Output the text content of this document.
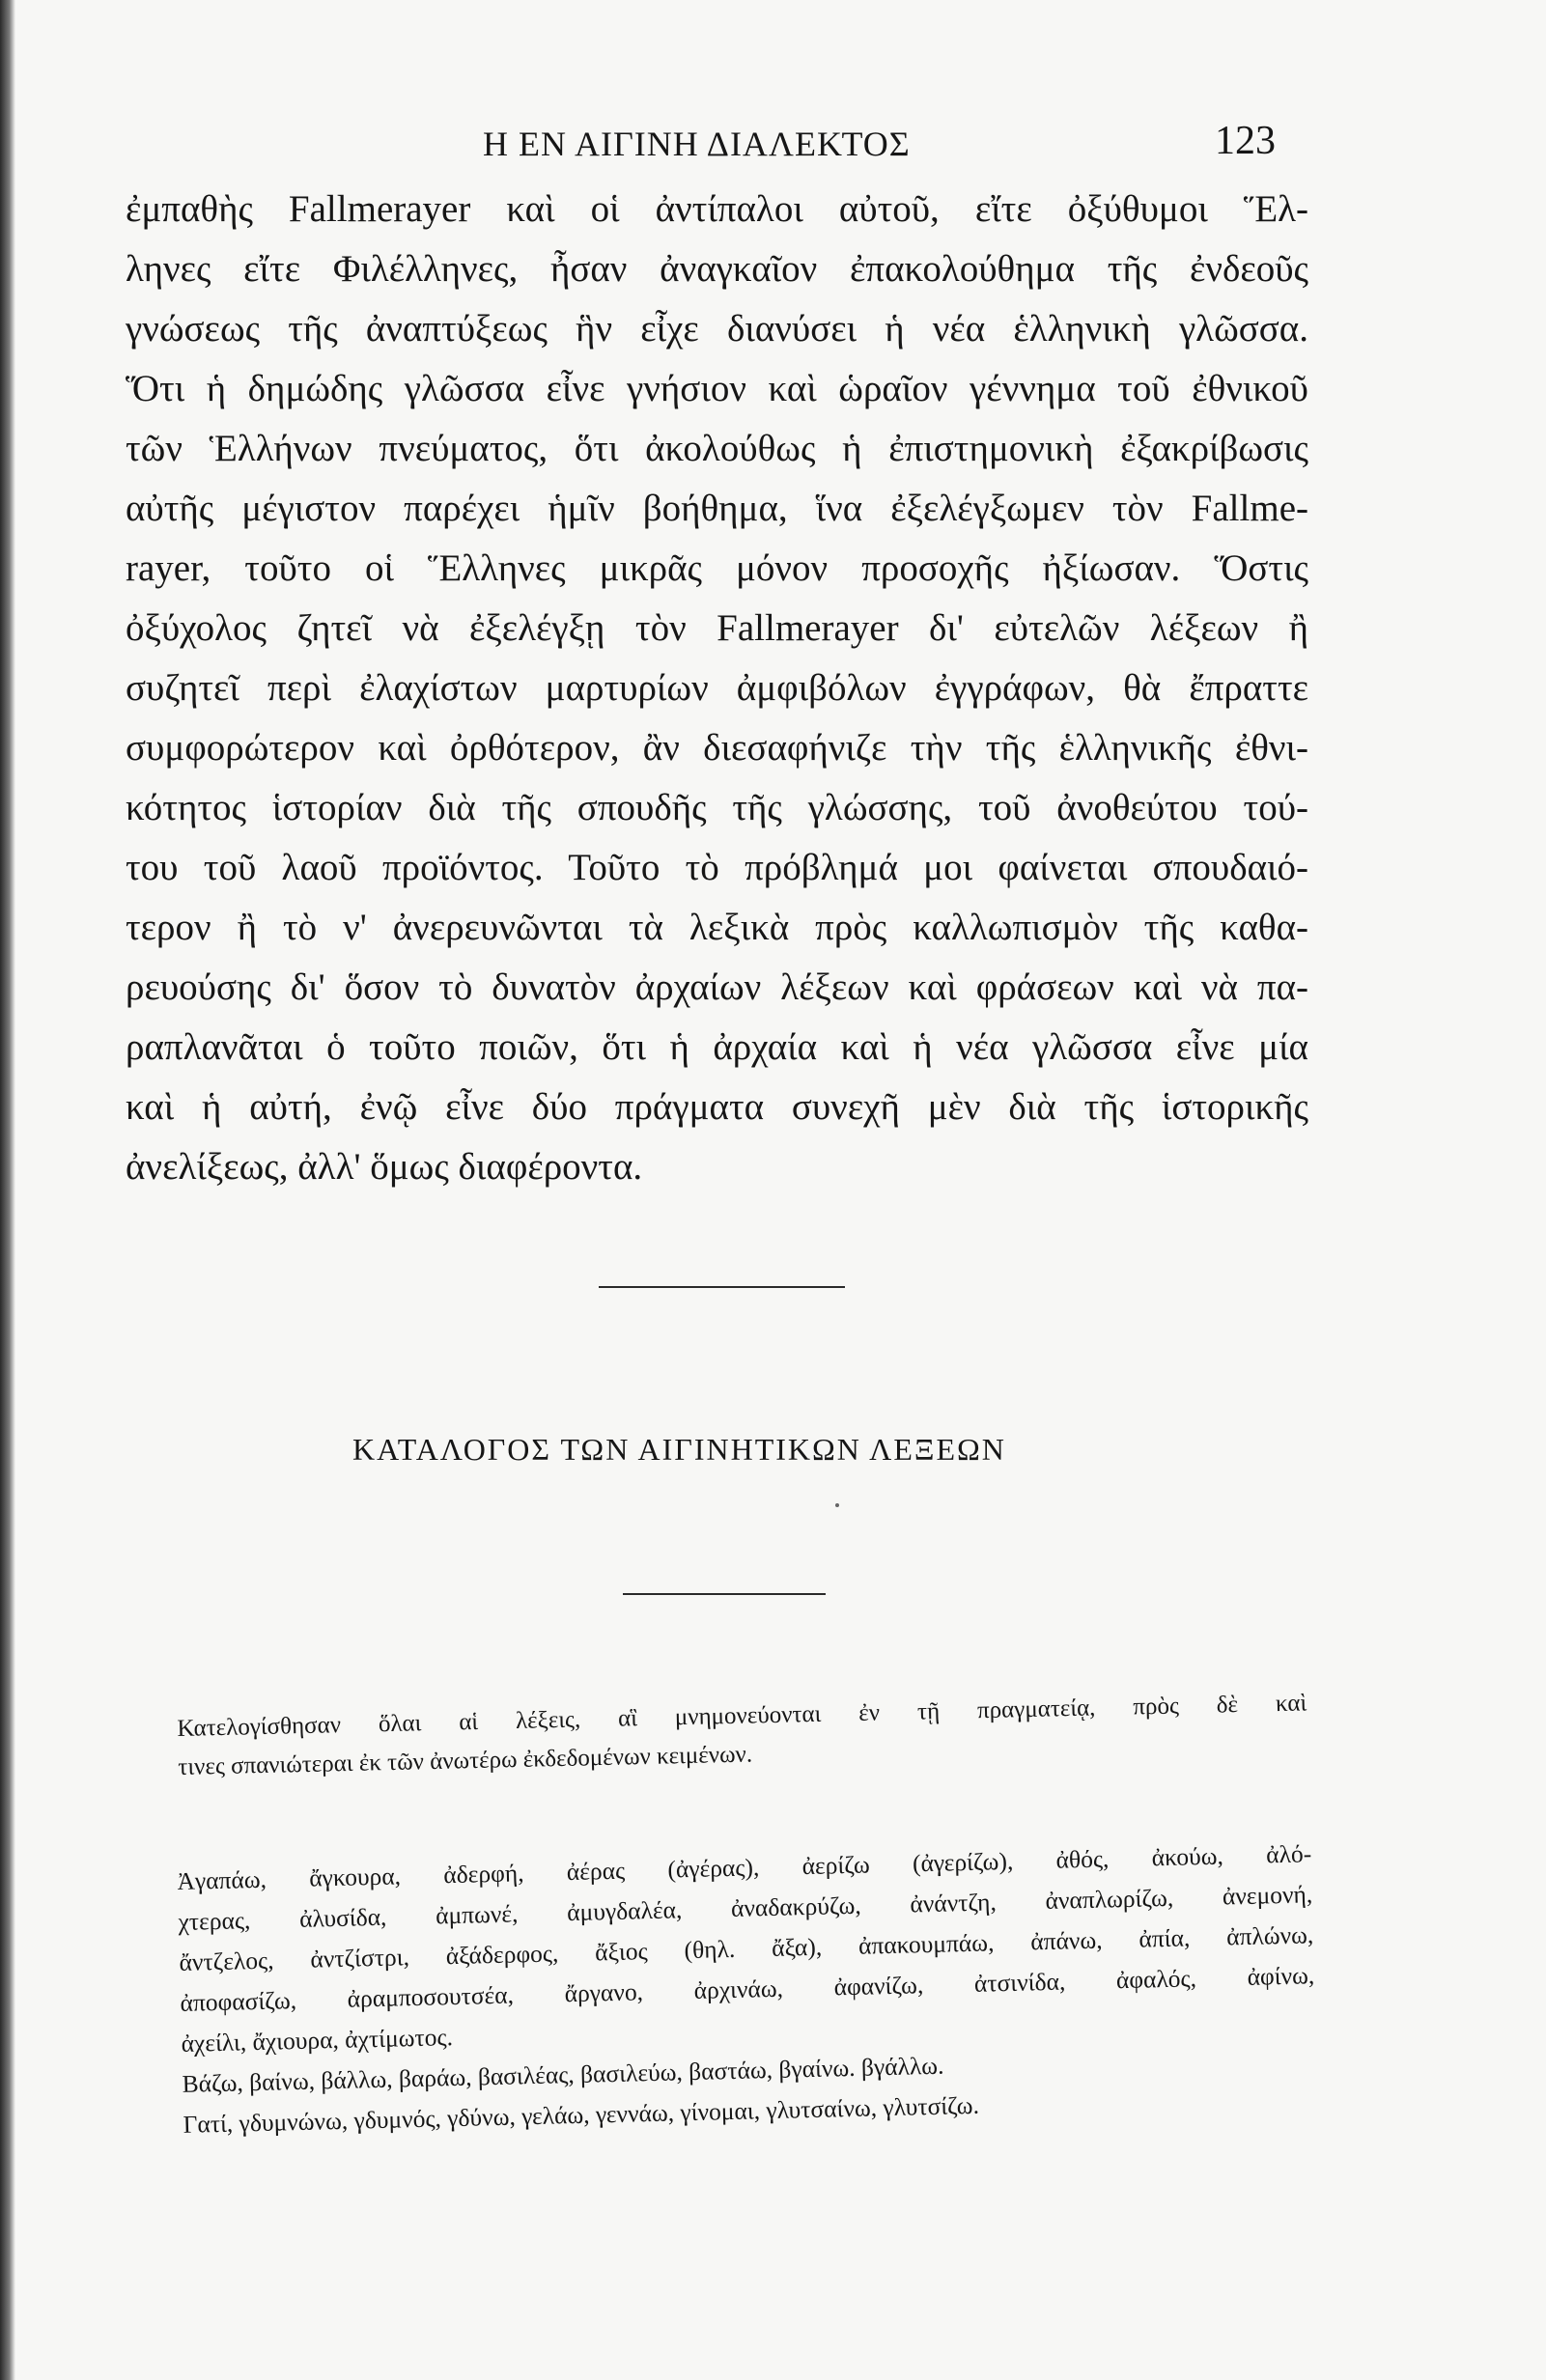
Η ΕΝ ΑΙΓΙΝΗ ΔΙΑΛΕΚΤΟΣ	123
ἐμπαθὴς Fallmerayer καὶ οἱ ἀντίπαλοι αὐτοῦ, εἴτε ὀξύθυμοι Ἕλ-
ληνες εἴτε Φιλέλληνες, ἦσαν ἀναγκαῖον ἐπακολούθημα τῆς ἐνδεοῦς
γνώσεως τῆς ἀναπτύξεως ἣν εἶχε διανύσει ἡ νέα ἑλληνικὴ γλῶσσα.
Ὅτι ἡ δημώδης γλῶσσα εἶνε γνήσιον καὶ ὡραῖον γέννημα τοῦ ἐθνικοῦ
τῶν Ἑλλήνων πνεύματος, ὅτι ἀκολούθως ἡ ἐπιστημονικὴ ἐξακρίβωσις
αὐτῆς μέγιστον παρέχει ἡμῖν βοήθημα, ἵνα ἐξελέγξωμεν τὸν Fallme-
rayer, τοῦτο οἱ Ἕλληνες μικρᾶς μόνον προσοχῆς ἠξίωσαν. Ὅστις
ὀξύχολος ζητεῖ νὰ ἐξελέγξῃ τὸν Fallmerayer δι' εὐτελῶν λέξεων ἢ
συζητεῖ περὶ ἐλαχίστων μαρτυρίων ἀμφιβόλων ἐγγράφων, θὰ ἔπραττε
συμφορώτερον καὶ ὀρθότερον, ἂν διεσαφήνιζε τὴν τῆς ἑλληνικῆς ἐθνι-
κότητος ἱστορίαν διὰ τῆς σπουδῆς τῆς γλώσσης, τοῦ ἀνοθεύτου τού-
του τοῦ λαοῦ προϊόντος. Τοῦτο τὸ πρόβλημά μοι φαίνεται σπουδαιό-
τερον ἢ τὸ ν' ἀνερευνῶνται τὰ λεξικὰ πρὸς καλλωπισμὸν τῆς καθα-
ρευούσης δι' ὅσον τὸ δυνατὸν ἀρχαίων λέξεων καὶ φράσεων καὶ νὰ πα-
ραπλανᾶται ὁ τοῦτο ποιῶν, ὅτι ἡ ἀρχαία καὶ ἡ νέα γλῶσσα εἶνε μία
καὶ ἡ αὐτή, ἐνῷ εἶνε δύο πράγματα συνεχῆ μὲν διὰ τῆς ἱστορικῆς
ἀνελίξεως, ἀλλ' ὅμως διαφέροντα.
ΚΑΤΑΛΟΓΟΣ ΤΩΝ ΑΙΓΙΝΗΤΙΚΩΝ ΛΕΞΕΩΝ
Κατελογίσθησαν ὅλαι αἱ λέξεις, αἳ μνημονεύονται ἐν τῇ πραγματείᾳ, πρὸς δὲ καὶ
τινες σπανιώτεραι ἐκ τῶν ἀνωτέρω ἐκδεδομένων κειμένων.
Ἀγαπάω, ἄγκουρα, ἀδερφή, ἀέρας (ἀγέρας), ἀερίζω (ἀγερίζω), ἀθός, ἀκούω, ἀλό-
χτερας, ἀλυσίδα, ἀμπωνέ, ἀμυγδαλέα, ἀναδακρύζω, ἀνάντζη, ἀναπλωρίζω, ἀνεμονή,
ἄντζελος, ἀντζίστρι, ἀξάδερφος, ἄξιος (θηλ. ἄξα), ἀπακουμπάω, ἀπάνω, ἀπία, ἀπλώνω,
ἀποφασίζω, ἀραμποσουτσέα, ἄργανο, ἀρχινάω, ἀφανίζω, ἀτσινίδα, ἀφαλός, ἀφίνω,
ἀχείλι, ἄχιουρα, ἀχτίμωτος.
Βάζω, βαίνω, βάλλω, βαράω, βασιλέας, βασιλεύω, βαστάω, βγαίνω. βγάλλω.
Γατί, γδυμνώνω, γδυμνός, γδύνω, γελάω, γεννάω, γίνομαι, γλυτσαίνω, γλυτσίζω.
